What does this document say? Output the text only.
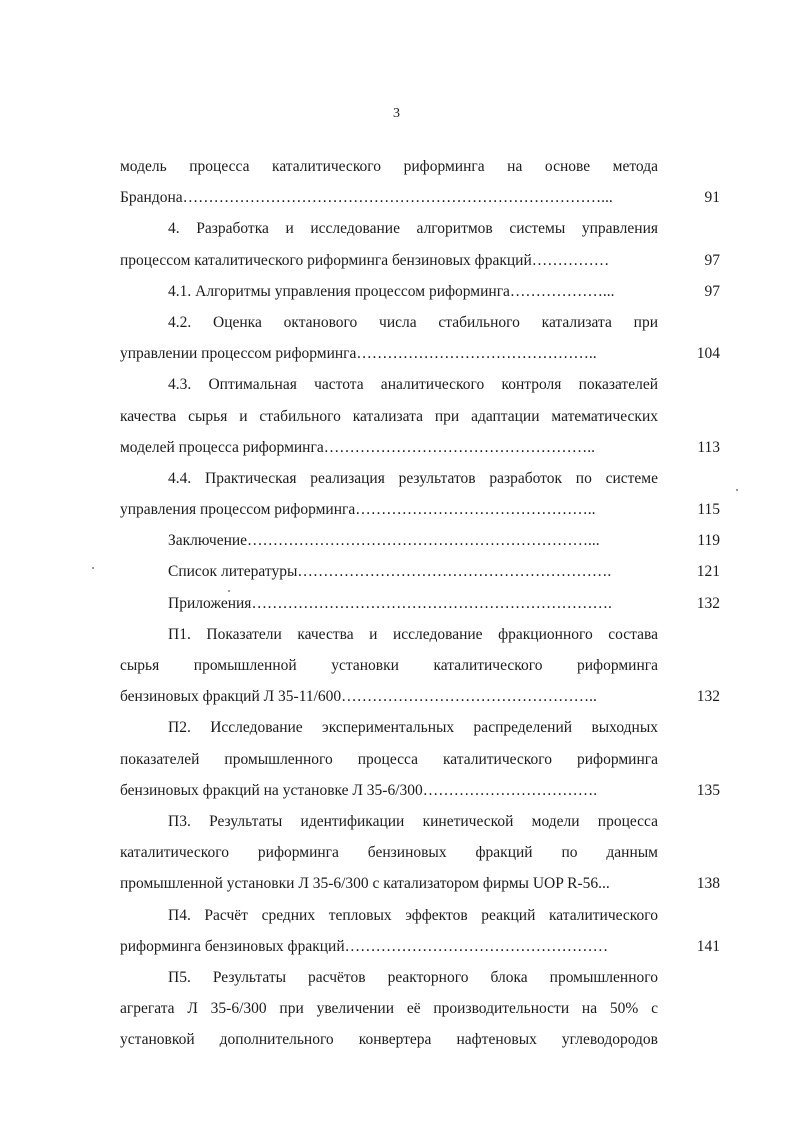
3
модель процесса каталитического риформинга на основе метода
Брандона………………………………………………………………………...	91
4. Разработка и исследование алгоритмов системы управления
процессом каталитического риформинга бензиновых фракций……………	97
4.1. Алгоритмы управления процессом риформинга………………...	97
4.2. Оценка октанового числа стабильного катализата при
управлении процессом риформинга………………………………………..	104
4.3. Оптимальная частота аналитического контроля показателей
качества сырья и стабильного катализата при адаптации математических
моделей процесса риформинга……………………………………………..	113
4.4. Практическая реализация результатов разработок по системе
управления процессом риформинга………………………………………..	115
Заключение…………………………………………………………...	119
Список литературы…………………………………………………….	121
Приложения…………………………………………………………….	132
П1. Показатели качества и исследование фракционного состава
сырья промышленной установки каталитического риформинга
бензиновых фракций Л 35-11/600…………………………………………..	132
П2. Исследование экспериментальных распределений выходных
показателей промышленного процесса каталитического риформинга
бензиновых фракций на установке Л 35-6/300…………………………….	135
П3. Результаты идентификации кинетической модели процесса
каталитического риформинга бензиновых фракций по данным
промышленной установки Л 35-6/300 с катализатором фирмы UOP R-56...	138
П4. Расчёт средних тепловых эффектов реакций каталитического
риформинга бензиновых фракций……………………………………………	141
П5. Результаты расчётов реакторного блока промышленного
агрегата Л 35-6/300 при увеличении её производительности на 50% с
установкой дополнительного конвертера нафтеновых углеводородов
